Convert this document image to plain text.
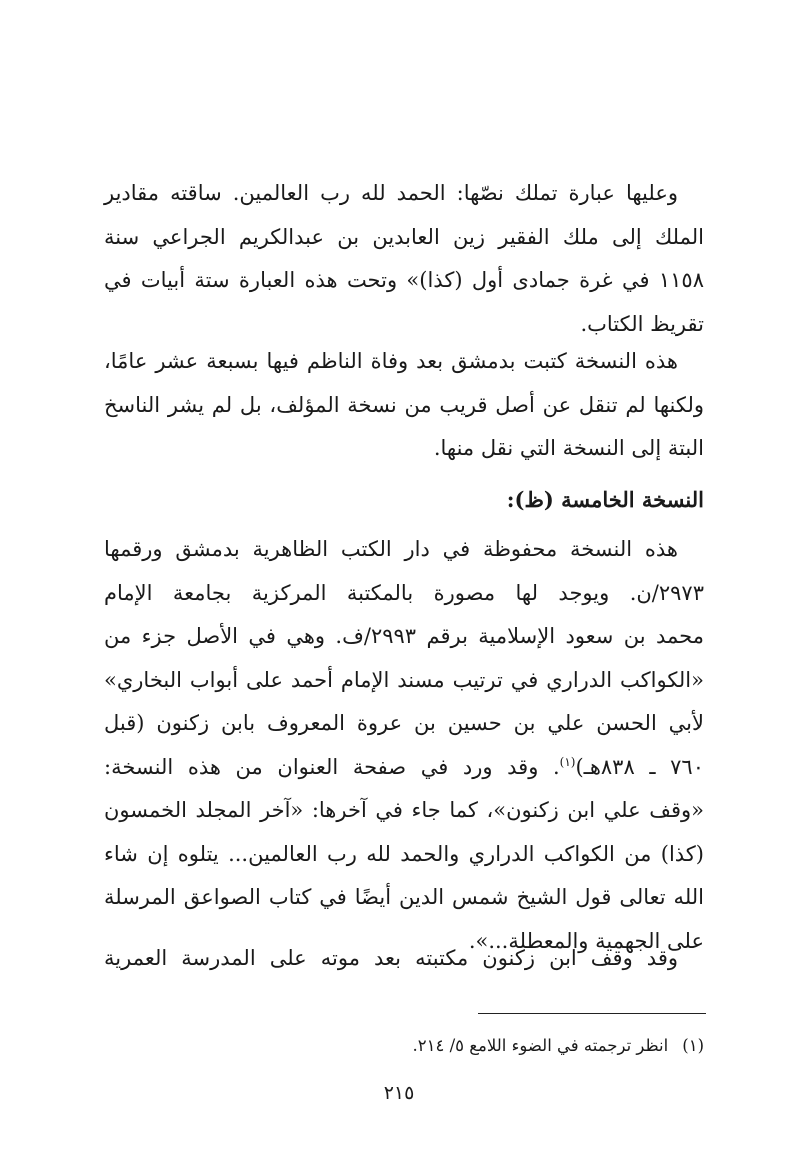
وعليها عبارة تملك نصّها: الحمد لله رب العالمين. ساقته مقادير
الملك إلى ملك الفقير زين العابدين بن عبدالكريم الجراعي سنة
١١٥٨ في غرة جمادى أول (كذا)» وتحت هذه العبارة ستة أبيات في
تقريظ الكتاب.
هذه النسخة كتبت بدمشق بعد وفاة الناظم فيها بسبعة عشر عامًا،
ولكنها لم تنقل عن أصل قريب من نسخة المؤلف، بل لم يشر الناسخ
البتة إلى النسخة التي نقل منها.
النسخة الخامسة (ظ):
هذه النسخة محفوظة في دار الكتب الظاهرية بدمشق ورقمها
٢٩٧٣/ن. ويوجد لها مصورة بالمكتبة المركزية بجامعة الإمام
محمد بن سعود الإسلامية برقم ٢٩٩٣/ف. وهي في الأصل جزء من
«الكواكب الدراري في ترتيب مسند الإمام أحمد على أبواب البخاري»
لأبي الحسن علي بن حسين بن عروة المعروف بابن زكنون (قبل
٧٦٠ ـ ٨٣٨هـ)$^{(١)}$. وقد ورد في صفحة العنوان من هذه النسخة:
«وقف علي ابن زكنون»، كما جاء في آخرها: «آخر المجلد الخمسون
(كذا) من الكواكب الدراري والحمد لله رب العالمين... يتلوه إن شاء
الله تعالى قول الشيخ شمس الدين أيضًا في كتاب الصواعق المرسلة
على الجهمية والمعطلة...».
وقد وقف ابن زكنون مكتبته بعد موته على المدرسة العمرية
(١)انظر ترجمته في الضوء اللامع ٥/ ٢١٤.
٢١٥
